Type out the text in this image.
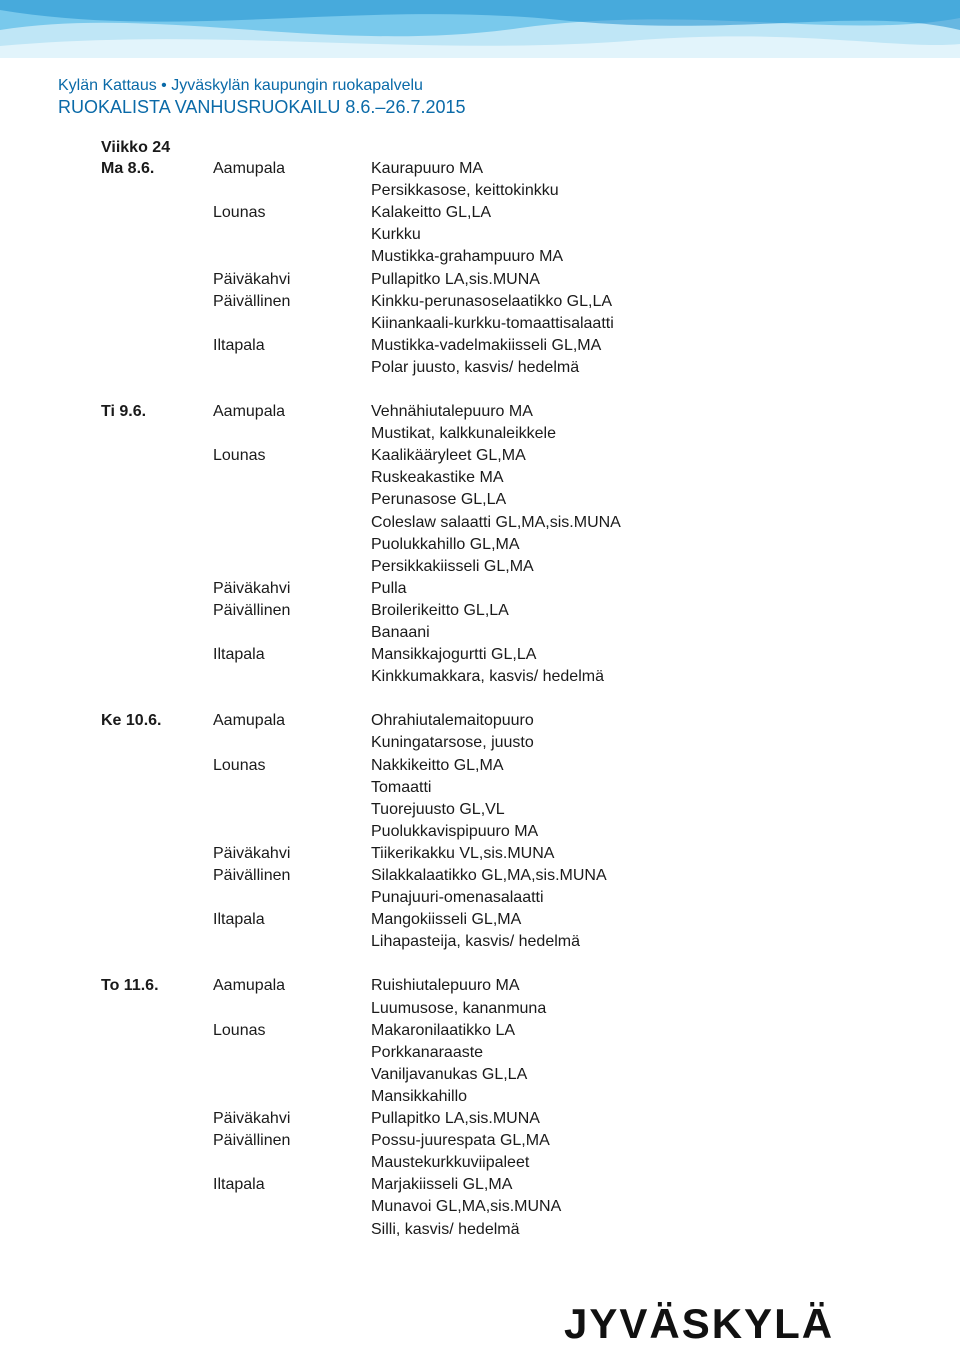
Kylän Kattaus • Jyväskylän kaupungin ruokapalvelu
RUOKALISTA VANHUSRUOKAILU 8.6.–26.7.2015
Viikko 24
Ma 8.6.	Aamupala	Kaurapuuro MA
Persikkasose, keittokinkku
Lounas	Kalakeitto GL,LA
Kurkku
Mustikka-grahampuuro MA
Päiväkahvi	Pullapitko LA,sis.MUNA
Päivällinen	Kinkku-perunasoselaatikko GL,LA
Kiinankaali-kurkku-tomaattisalaatti
Iltapala	Mustikka-vadelmakiisseli GL,MA
Polar juusto, kasvis/ hedelmä
Ti 9.6.	Aamupala	Vehnähiutalepuuro MA
Mustikat, kalkkunaleikkele
Lounas	Kaalikääryleet GL,MA
Ruskeakastike MA
Perunasose GL,LA
Coleslaw salaatti GL,MA,sis.MUNA
Puolukkahillo GL,MA
Persikkakiisseli GL,MA
Päiväkahvi	Pulla
Päivällinen	Broilerikeitto GL,LA
Banaani
Iltapala	Mansikkajogurtti GL,LA
Kinkkumakkara, kasvis/ hedelmä
Ke 10.6.	Aamupala	Ohrahiutalemaitopuuro
Kuningatarsose, juusto
Lounas	Nakkikeitto GL,MA
Tomaatti
Tuorejuusto GL,VL
Puolukkavispipuuro MA
Päiväkahvi	Tiikerikakku VL,sis.MUNA
Päivällinen	Silakkalaatikko GL,MA,sis.MUNA
Punajuuri-omenasalaatti
Iltapala	Mangokiisseli GL,MA
Lihapasteija, kasvis/ hedelmä
To 11.6.	Aamupala	Ruishiutalepuuro MA
Luumusose, kananmuna
Lounas	Makaronilaatikko LA
Porkkanaraaste
Vaniljavanukas GL,LA
Mansikkahillo
Päiväkahvi	Pullapitko LA,sis.MUNA
Päivällinen	Possu-juurespata GL,MA
Maustekurkkuviipaleet
Iltapala	Marjakiisseli GL,MA
Munavoi GL,MA,sis.MUNA
Silli, kasvis/ hedelmä
JYVÄSKYLÄ
